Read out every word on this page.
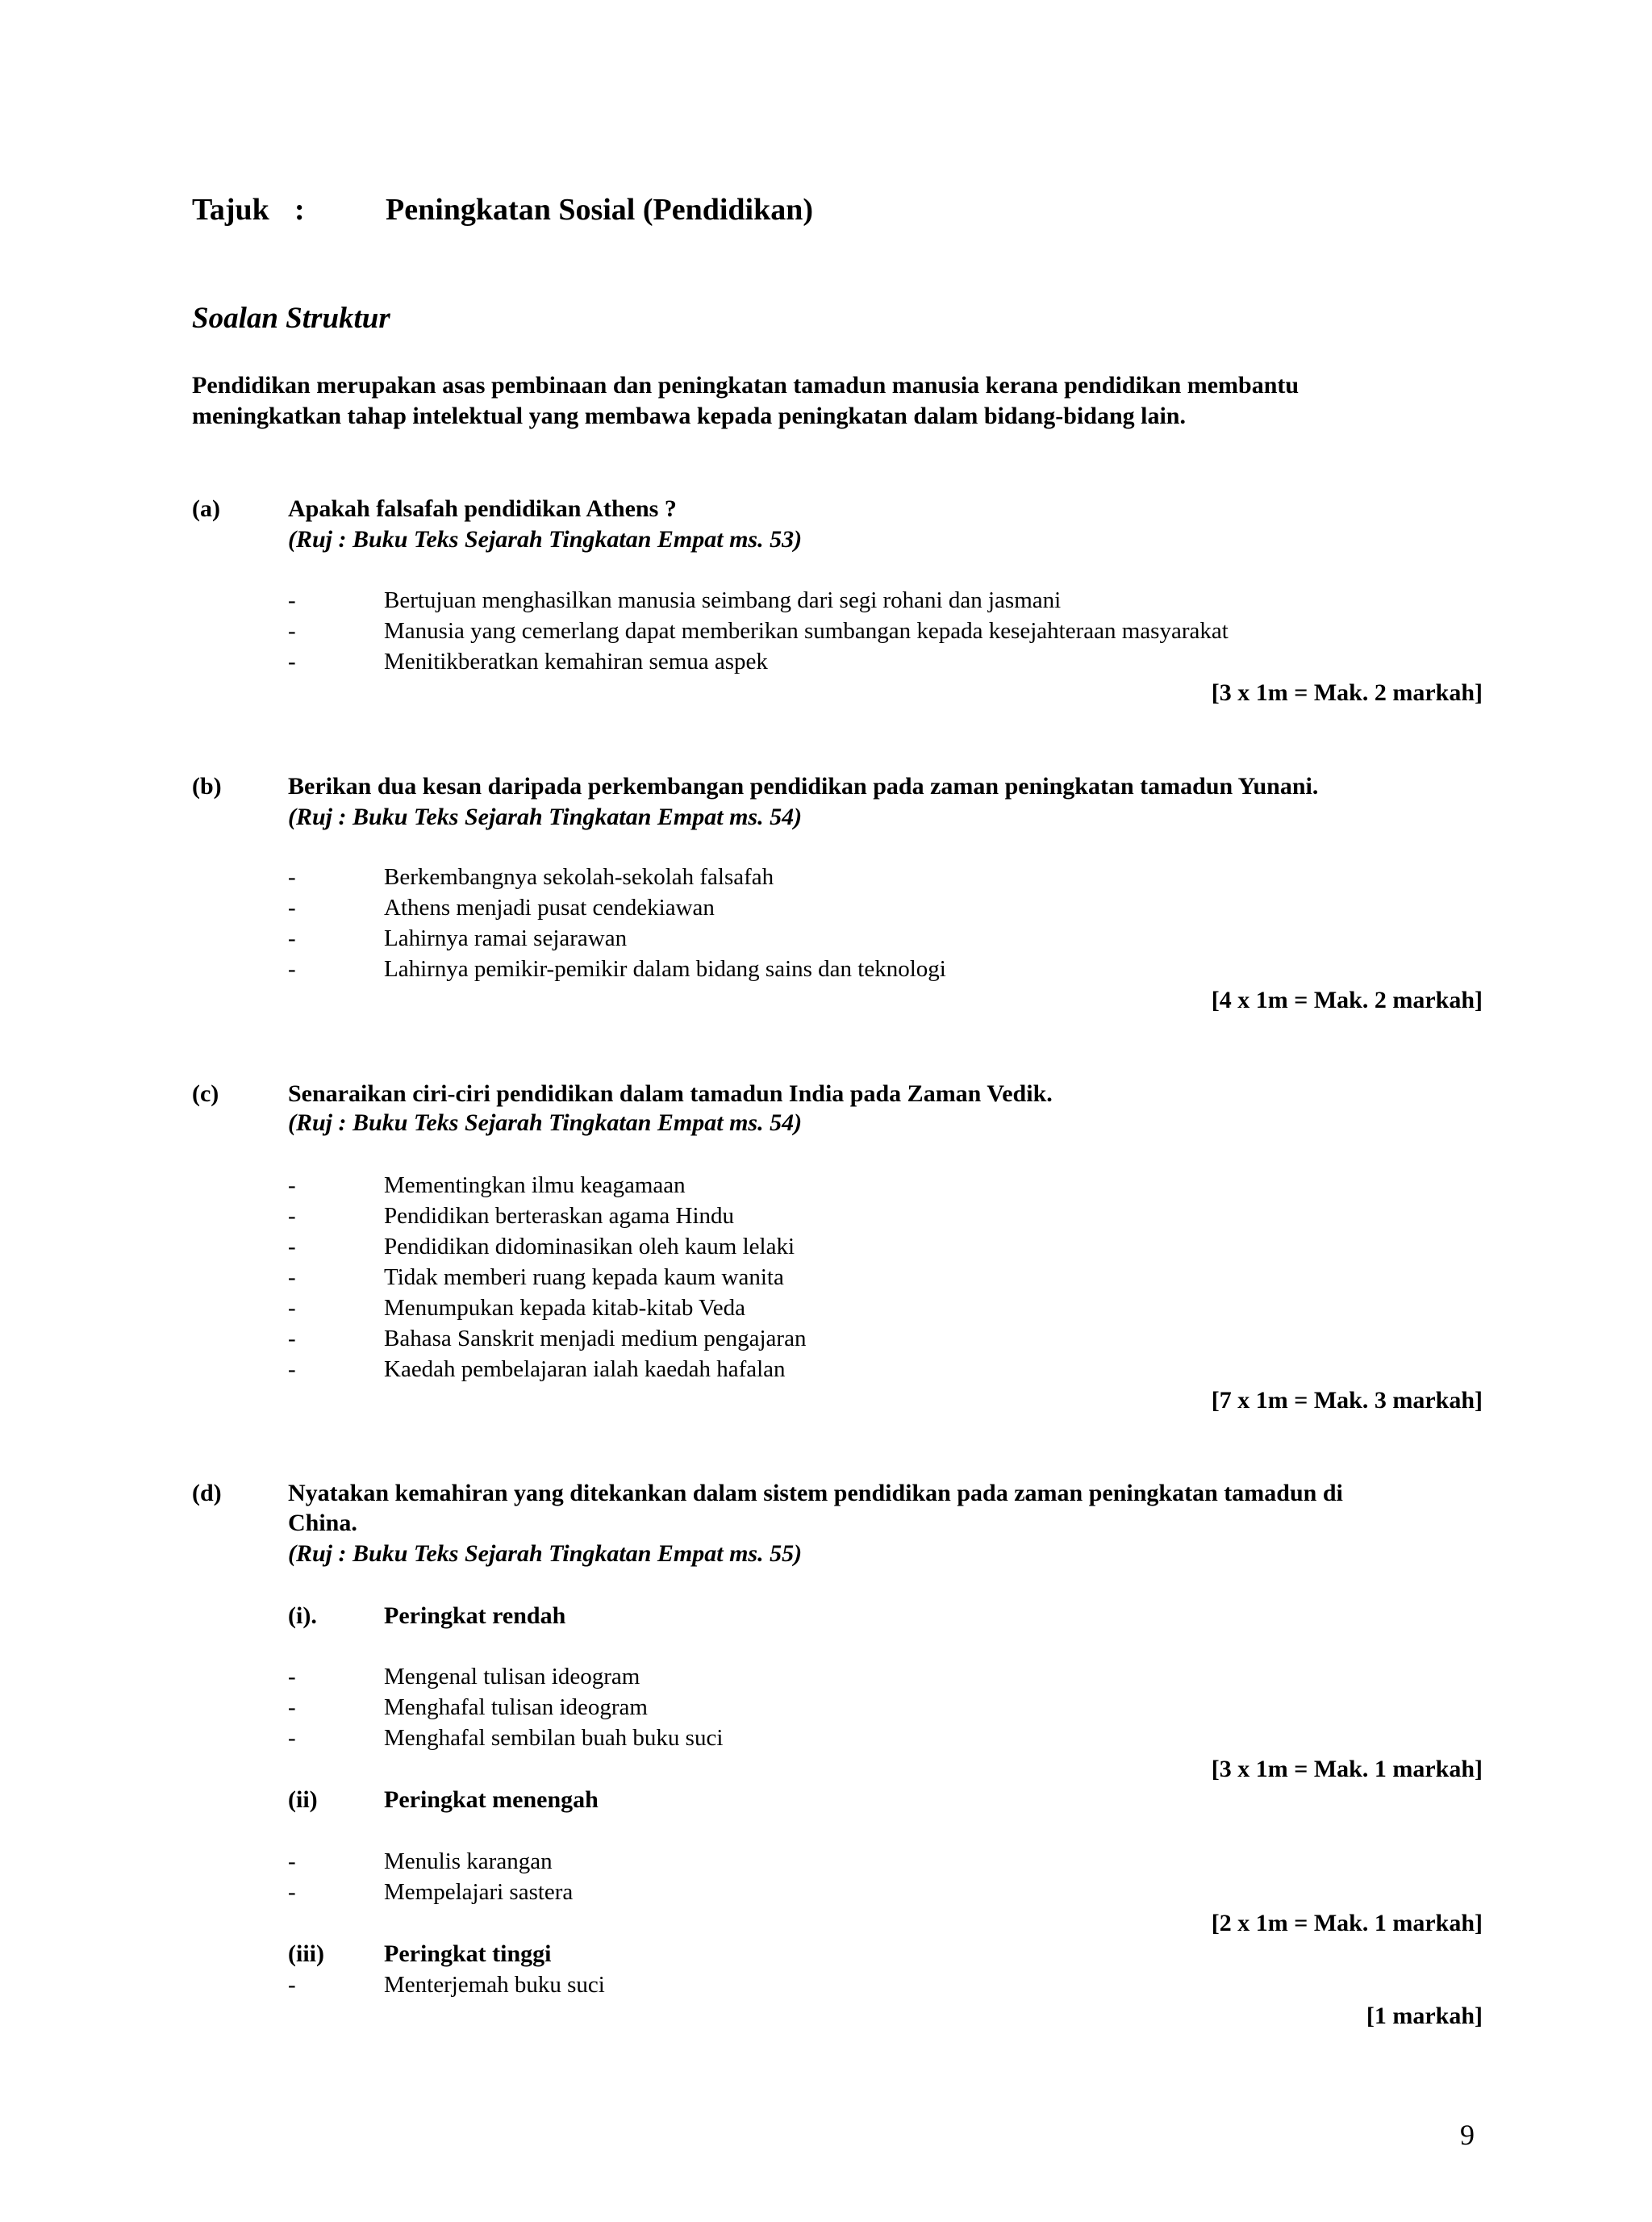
Tajuk :	Peningkatan Sosial (Pendidikan)
Soalan Struktur
Pendidikan merupakan asas pembinaan dan peningkatan tamadun manusia kerana pendidikan membantu
meningkatkan tahap intelektual yang membawa kepada peningkatan dalam bidang-bidang lain.
(a)	Apakah falsafah pendidikan Athens ?
(Ruj : Buku Teks Sejarah Tingkatan Empat ms. 53)
-	Bertujuan menghasilkan manusia seimbang dari segi rohani dan jasmani
-	Manusia yang cemerlang dapat memberikan sumbangan kepada kesejahteraan masyarakat
-	Menitikberatkan kemahiran semua aspek
[3 x 1m = Mak. 2 markah]
(b)	Berikan dua kesan daripada perkembangan pendidikan pada zaman peningkatan tamadun Yunani.
(Ruj : Buku Teks Sejarah Tingkatan Empat ms. 54)
-	Berkembangnya sekolah-sekolah falsafah
-	Athens menjadi pusat cendekiawan
-	Lahirnya ramai sejarawan
-	Lahirnya pemikir-pemikir dalam bidang sains dan teknologi
[4 x 1m = Mak. 2 markah]
(c)	Senaraikan ciri-ciri pendidikan dalam tamadun India pada Zaman Vedik.
(Ruj : Buku Teks Sejarah Tingkatan Empat ms. 54)
-	Mementingkan ilmu keagamaan
-	Pendidikan berteraskan agama Hindu
-	Pendidikan didominasikan oleh kaum lelaki
-	Tidak memberi ruang kepada kaum wanita
-	Menumpukan kepada kitab-kitab Veda
-	Bahasa Sanskrit menjadi medium pengajaran
-	Kaedah pembelajaran ialah kaedah hafalan
[7 x 1m = Mak. 3 markah]
(d)	Nyatakan kemahiran yang ditekankan dalam sistem pendidikan pada zaman peningkatan tamadun di
China.
(Ruj : Buku Teks Sejarah Tingkatan Empat ms. 55)
(i).	Peringkat rendah
-	Mengenal tulisan ideogram
-	Menghafal tulisan ideogram
-	Menghafal sembilan buah buku suci
[3 x 1m = Mak. 1 markah]
(ii)	Peringkat menengah
-	Menulis karangan
-	Mempelajari sastera
[2 x 1m = Mak. 1 markah]
(iii) Peringkat tinggi
-	Menterjemah buku suci
[1 markah]
9
